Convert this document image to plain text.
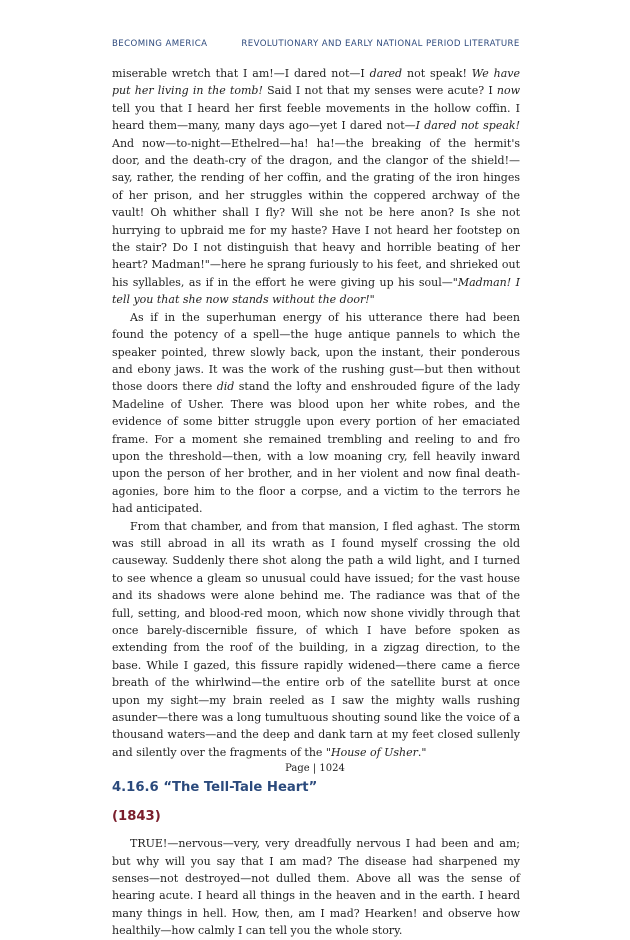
BECOMING AMERICA	REVOLUTIONARY AND EARLY NATIONAL PERIOD LITERATURE

miserable wretch that I am!—I dared not—I dared not speak! We have put her living in the tomb! Said I not that my senses were acute? I now tell you that I heard her first feeble movements in the hollow coffin. I heard them—many, many days ago—yet I dared not—I dared not speak! And now—to-night—Ethelred—ha! ha!—the breaking of the hermit's door, and the death-cry of the dragon, and the clangor of the shield!—say, rather, the rending of her coffin, and the grating of the iron hinges of her prison, and her struggles within the coppered archway of the vault! Oh whither shall I fly? Will she not be here anon? Is she not hurrying to upbraid me for my haste? Have I not heard her footstep on the stair? Do I not distinguish that heavy and horrible beating of her heart? Madman!"—here he sprang furiously to his feet, and shrieked out his syllables, as if in the effort he were giving up his soul—"Madman! I tell you that she now stands without the door!"

As if in the superhuman energy of his utterance there had been found the potency of a spell—the huge antique pannels to which the speaker pointed, threw slowly back, upon the instant, their ponderous and ebony jaws. It was the work of the rushing gust—but then without those doors there did stand the lofty and enshrouded figure of the lady Madeline of Usher. There was blood upon her white robes, and the evidence of some bitter struggle upon every portion of her emaciated frame. For a moment she remained trembling and reeling to and fro upon the threshold—then, with a low moaning cry, fell heavily inward upon the person of her brother, and in her violent and now final death-agonies, bore him to the floor a corpse, and a victim to the terrors he had anticipated.

From that chamber, and from that mansion, I fled aghast. The storm was still abroad in all its wrath as I found myself crossing the old causeway. Suddenly there shot along the path a wild light, and I turned to see whence a gleam so unusual could have issued; for the vast house and its shadows were alone behind me. The radiance was that of the full, setting, and blood-red moon, which now shone vividly through that once barely-discernible fissure, of which I have before spoken as extending from the roof of the building, in a zigzag direction, to the base. While I gazed, this fissure rapidly widened—there came a fierce breath of the whirlwind—the entire orb of the satellite burst at once upon my sight—my brain reeled as I saw the mighty walls rushing asunder—there was a long tumultuous shouting sound like the voice of a thousand waters—and the deep and dank tarn at my feet closed sullenly and silently over the fragments of the "House of Usher."

4.16.6 “The Tell-Tale Heart”
(1843)

TRUE!—nervous—very, very dreadfully nervous I had been and am; but why will you say that I am mad? The disease had sharpened my senses—not destroyed—not dulled them. Above all was the sense of hearing acute. I heard all things in the heaven and in the earth. I heard many things in hell. How, then, am I mad? Hearken! and observe how healthily—how calmly I can tell you the whole story.

Page | 1024
